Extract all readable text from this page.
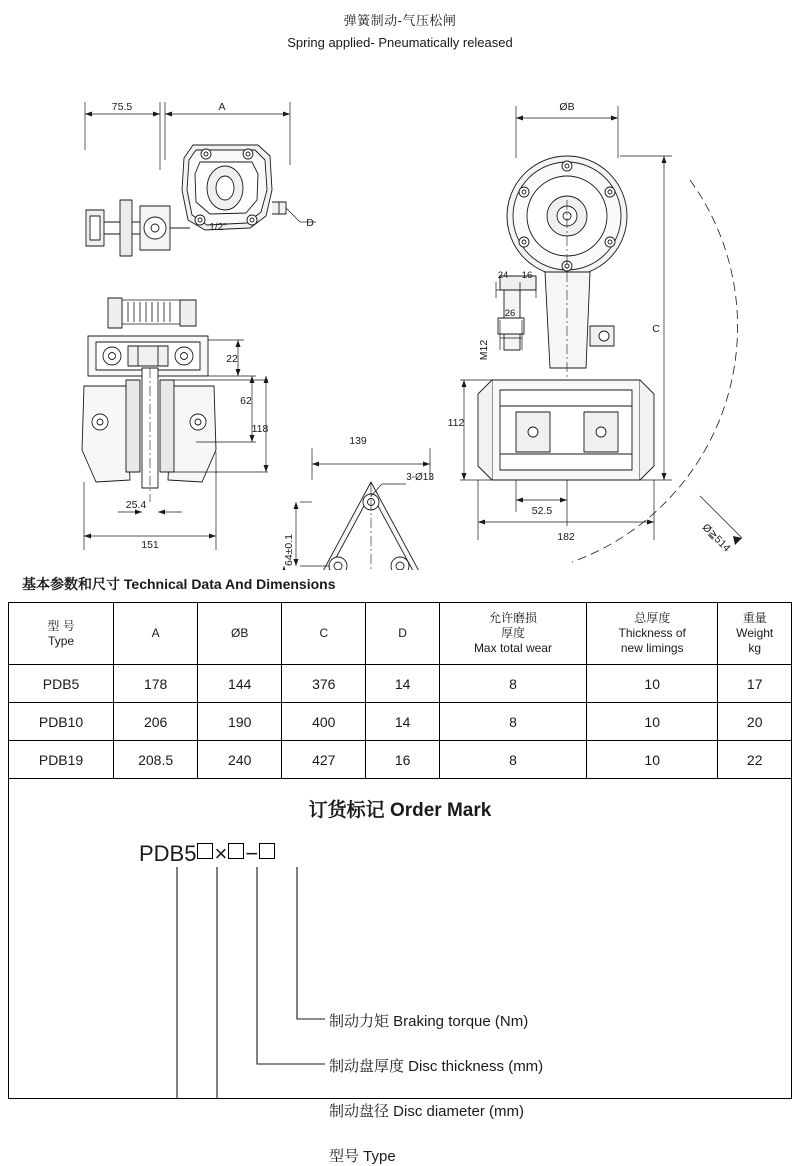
弹簧制动-气压松闸
Spring applied- Pneumatically released
75.5	A
1/2"	D
22
62
118
25.4
151
ØB
C
24 16
26
112
52.5
182
139
3-Ø13
M12
64±0.1	Ø≧514
基本参数和尺寸 Technical Data And Dimensions
型 号
Type
	A	ØB	C	D	
允许磨损
厚度
Max total wear

总厚度
Thickness of
new limings

重量
Weight
kg

PDB5	178	144	376	14	8	10	17
PDB10	206	190	400	14	8	10	20
PDB19	208.5	240	427	16	8	10	22
订货标记 Order Mark
PDB5 × −
制动力矩 Braking torque (Nm)
制动盘厚度 Disc thickness (mm)
制动盘径 Disc diameter (mm)
型号 Type
